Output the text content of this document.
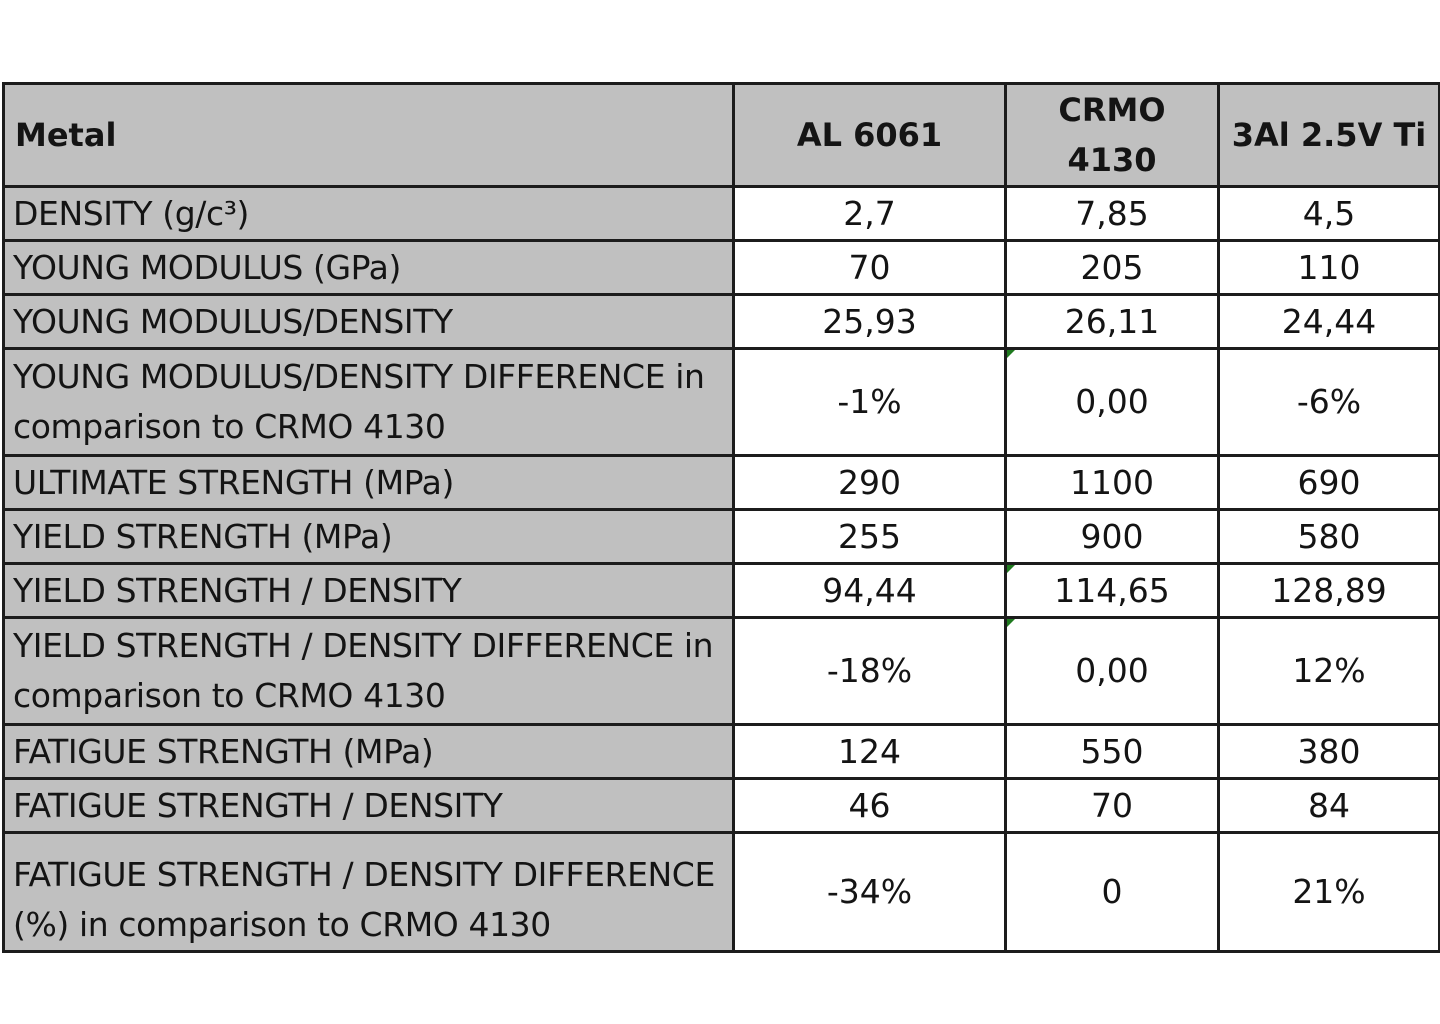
Metal	AL 6061	CRMO 4130	3Al 2.5V Ti
DENSITY (g/c³)	2,7	7,85	4,5
YOUNG MODULUS (GPa)	70	205	110
YOUNG MODULUS/DENSITY	25,93	26,11	24,44

YOUNG MODULUS/DENSITY DIFFERENCE in comparison to CRMO 4130	-1%	0,00	-6%
ULTIMATE STRENGTH (MPa)	290	1100	690
YIELD STRENGTH (MPa)	255	900	580
YIELD STRENGTH / DENSITY	94,44	114,65	128,89

YIELD STRENGTH / DENSITY DIFFERENCE in comparison to CRMO 4130	-18%	0,00	12%
FATIGUE STRENGTH (MPa)	124	550	380
FATIGUE STRENGTH / DENSITY	46	70	84

FATIGUE STRENGTH / DENSITY DIFFERENCE (%) in comparison to CRMO 4130	-34%	0	21%
